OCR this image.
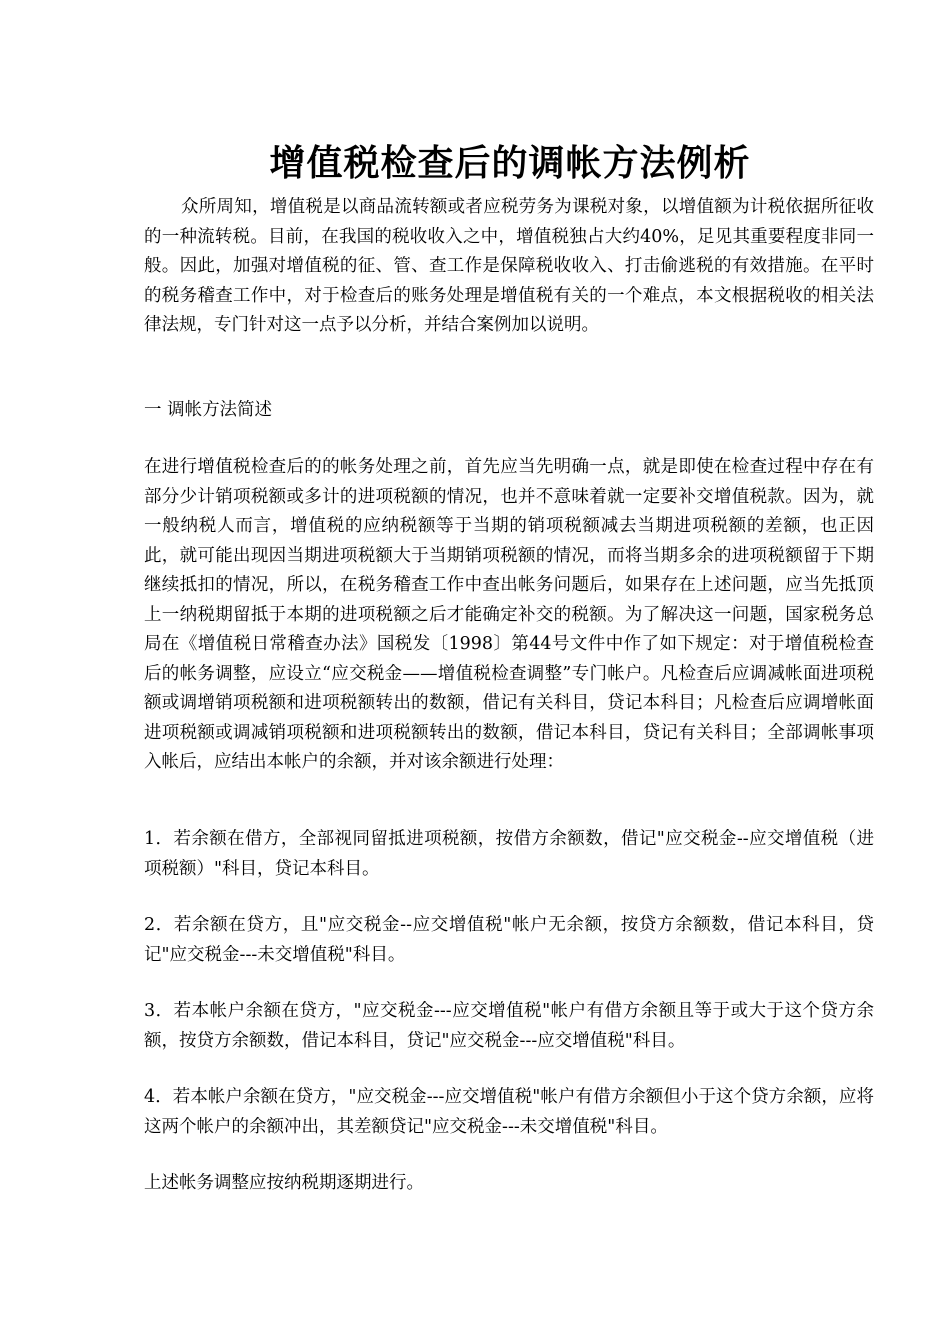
增值税检查后的调帐方法例析

众所周知，增值税是以商品流转额或者应税劳务为课税对象，以增值额为计税依据所征收的一种流转税。目前，在我国的税收收入之中，增值税独占大约40%，足见其重要程度非同一般。因此，加强对增值税的征、管、查工作是保障税收收入、打击偷逃税的有效措施。在平时的税务稽查工作中，对于检查后的账务处理是增值税有关的一个难点，本文根据税收的相关法律法规，专门针对这一点予以分析，并结合案例加以说明。

一 调帐方法简述

在进行增值税检查后的的帐务处理之前，首先应当先明确一点，就是即使在检查过程中存在有部分少计销项税额或多计的进项税额的情况，也并不意味着就一定要补交增值税款。因为，就一般纳税人而言，增值税的应纳税额等于当期的销项税额减去当期进项税额的差额，也正因此，就可能出现因当期进项税额大于当期销项税额的情况，而将当期多余的进项税额留于下期继续抵扣的情况，所以，在税务稽查工作中查出帐务问题后，如果存在上述问题，应当先抵顶上一纳税期留抵于本期的进项税额之后才能确定补交的税额。为了解决这一问题，国家税务总局在《增值税日常稽查办法》国税发〔1998〕第44号文件中作了如下规定：对于增值税检查后的帐务调整，应设立“应交税金——增值税检查调整”专门帐户。凡检查后应调减帐面进项税额或调增销项税额和进项税额转出的数额，借记有关科目，贷记本科目；凡检查后应调增帐面进项税额或调减销项税额和进项税额转出的数额，借记本科目，贷记有关科目；全部调帐事项入帐后，应结出本帐户的余额，并对该余额进行处理：

1．若余额在借方，全部视同留抵进项税额，按借方余额数，借记"应交税金--应交增值税（进项税额）"科目，贷记本科目。

2．若余额在贷方，且"应交税金--应交增值税"帐户无余额，按贷方余额数，借记本科目，贷记"应交税金---未交增值税"科目。

3．若本帐户余额在贷方，"应交税金---应交增值税"帐户有借方余额且等于或大于这个贷方余额，按贷方余额数，借记本科目，贷记"应交税金---应交增值税"科目。

4．若本帐户余额在贷方，"应交税金---应交增值税"帐户有借方余额但小于这个贷方余额，应将这两个帐户的余额冲出，其差额贷记"应交税金---未交增值税"科目。

上述帐务调整应按纳税期逐期进行。
